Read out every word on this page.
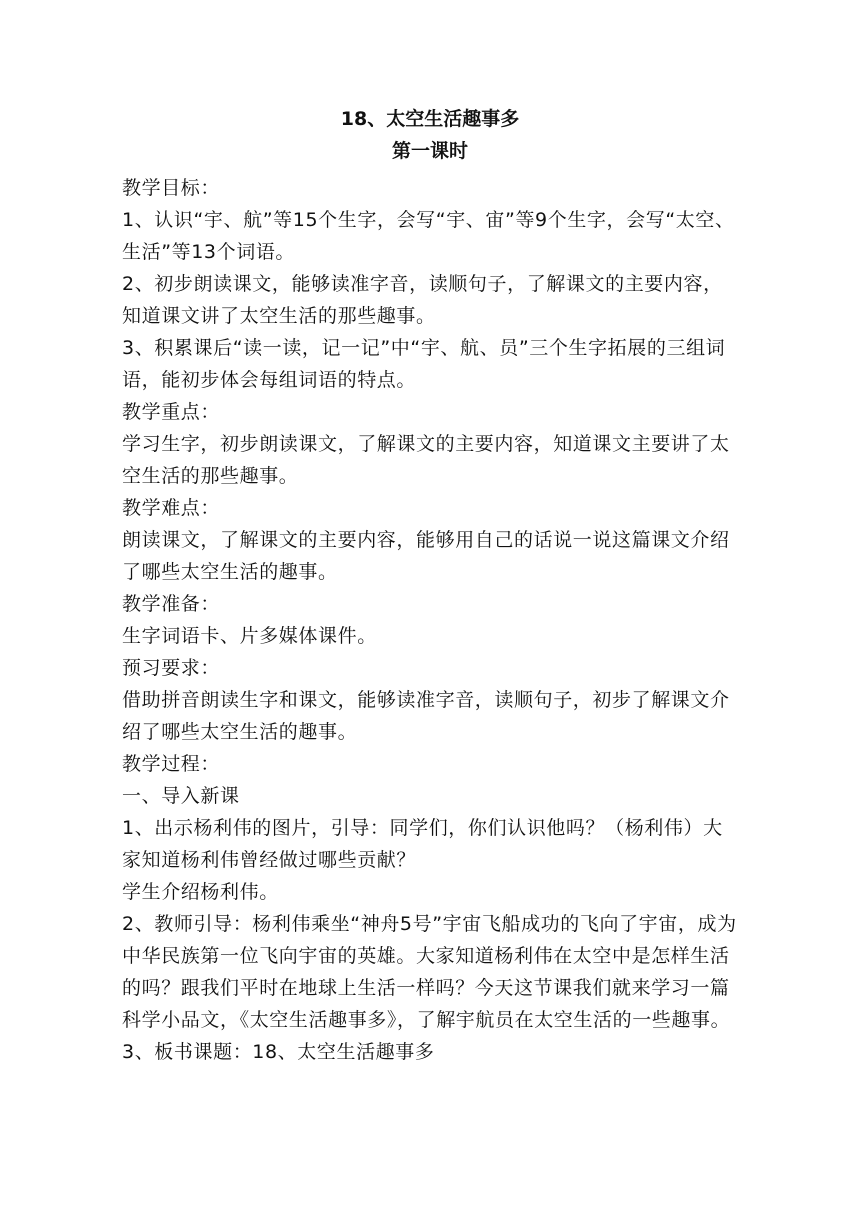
18、太空生活趣事多

第一课时

教学目标：

1、认识“宇、航”等15个生字，会写“宇、宙”等9个生字，会写“太空、生活”等13个词语。

2、初步朗读课文，能够读准字音，读顺句子，了解课文的主要内容，知道课文讲了太空生活的那些趣事。

3、积累课后“读一读，记一记”中“宇、航、员”三个生字拓展的三组词语，能初步体会每组词语的特点。

教学重点：

学习生字，初步朗读课文，了解课文的主要内容，知道课文主要讲了太空生活的那些趣事。

教学难点：

朗读课文，了解课文的主要内容，能够用自己的话说一说这篇课文介绍了哪些太空生活的趣事。

教学准备：

生字词语卡、片多媒体课件。

预习要求：

借助拼音朗读生字和课文，能够读准字音，读顺句子，初步了解课文介绍了哪些太空生活的趣事。

教学过程：

一、导入新课

1、出示杨利伟的图片，引导：同学们，你们认识他吗？（杨利伟）大家知道杨利伟曾经做过哪些贡献？

学生介绍杨利伟。

2、教师引导：杨利伟乘坐“神舟5号”宇宙飞船成功的飞向了宇宙，成为中华民族第一位飞向宇宙的英雄。大家知道杨利伟在太空中是怎样生活的吗？跟我们平时在地球上生活一样吗？今天这节课我们就来学习一篇科学小品文，《太空生活趣事多》，了解宇航员在太空生活的一些趣事。

3、板书课题：18、太空生活趣事多
